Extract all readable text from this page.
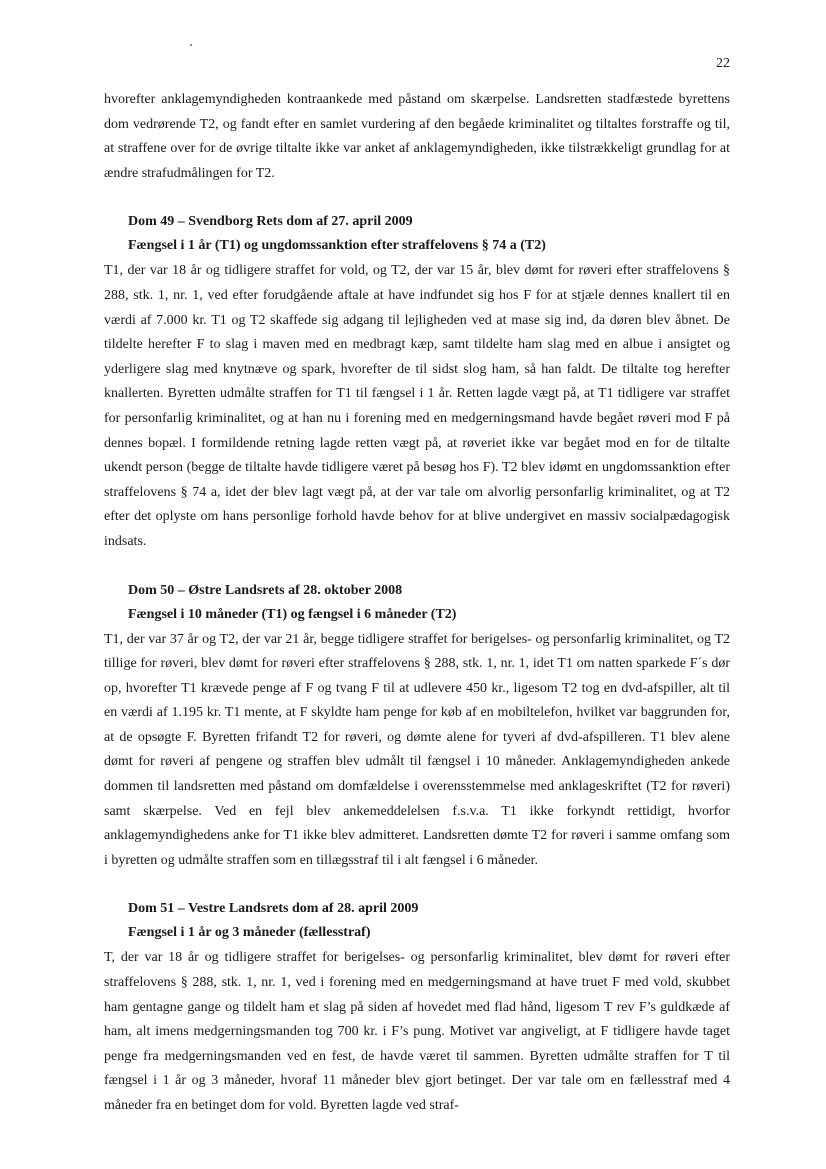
22

hvorefter anklagemyndigheden kontraankede med påstand om skærpelse. Landsretten stadfæstede byrettens dom vedrørende T2, og fandt efter en samlet vurdering af den begåede kriminalitet og tiltaltes forstraffe og til, at straffene over for de øvrige tiltalte ikke var anket af anklagemyndigheden, ikke tilstrækkeligt grundlag for at ændre strafudmålingen for T2.

Dom 49 – Svendborg Rets dom af 27. april 2009

Fængsel i 1 år (T1) og ungdomssanktion efter straffelovens § 74 a (T2)

T1, der var 18 år og tidligere straffet for vold, og T2, der var 15 år, blev dømt for røveri efter straffelovens § 288, stk. 1, nr. 1, ved efter forudgående aftale at have indfundet sig hos F for at stjæle dennes knallert til en værdi af 7.000 kr. T1 og T2 skaffede sig adgang til lejligheden ved at mase sig ind, da døren blev åbnet. De tildelte herefter F to slag i maven med en medbragt kæp, samt tildelte ham slag med en albue i ansigtet og yderligere slag med knytnæve og spark, hvorefter de til sidst slog ham, så han faldt. De tiltalte tog herefter knallerten. Byretten udmålte straffen for T1 til fængsel i 1 år. Retten lagde vægt på, at T1 tidligere var straffet for personfarlig kriminalitet, og at han nu i forening med en medgerningsmand havde begået røveri mod F på dennes bopæl. I formildende retning lagde retten vægt på, at røveriet ikke var begået mod en for de tiltalte ukendt person (begge de tiltalte havde tidligere været på besøg hos F). T2 blev idømt en ungdomssanktion efter straffelovens § 74 a, idet der blev lagt vægt på, at der var tale om alvorlig personfarlig kriminalitet, og at T2 efter det oplyste om hans personlige forhold havde behov for at blive undergivet en massiv socialpædagogisk indsats.

Dom 50 – Østre Landsrets af 28. oktober 2008

Fængsel i 10 måneder (T1) og fængsel i 6 måneder (T2)

T1, der var 37 år og T2, der var 21 år, begge tidligere straffet for berigelses- og personfarlig kriminalitet, og T2 tillige for røveri, blev dømt for røveri efter straffelovens § 288, stk. 1, nr. 1, idet T1 om natten sparkede F´s dør op, hvorefter T1 krævede penge af F og tvang F til at udlevere 450 kr., ligesom T2 tog en dvd-afspiller, alt til en værdi af 1.195 kr. T1 mente, at F skyldte ham penge for køb af en mobiltelefon, hvilket var baggrunden for, at de opsøgte F. Byretten frifandt T2 for røveri, og dømte alene for tyveri af dvd-afspilleren. T1 blev alene dømt for røveri af pengene og straffen blev udmålt til fængsel i 10 måneder. Anklagemyndigheden ankede dommen til landsretten med påstand om domfældelse i overensstemmelse med anklageskriftet (T2 for røveri) samt skærpelse. Ved en fejl blev ankemeddelelsen f.s.v.a. T1 ikke forkyndt rettidigt, hvorfor anklagemyndighedens anke for T1 ikke blev admitteret. Landsretten dømte T2 for røveri i samme omfang som i byretten og udmålte straffen som en tillægsstraf til i alt fængsel i 6 måneder.

Dom 51 – Vestre Landsrets dom af 28. april 2009

Fængsel i 1 år og 3 måneder (fællesstraf)

T, der var 18 år og tidligere straffet for berigelses- og personfarlig kriminalitet, blev dømt for røveri efter straffelovens § 288, stk. 1, nr. 1, ved i forening med en medgerningsmand at have truet F med vold, skubbet ham gentagne gange og tildelt ham et slag på siden af hovedet med flad hånd, ligesom T rev F’s guldkæde af ham, alt imens medgerningsmanden tog 700 kr. i F’s pung. Motivet var angiveligt, at F tidligere havde taget penge fra medgerningsmanden ved en fest, de havde været til sammen. Byretten udmålte straffen for T til fængsel i 1 år og 3 måneder, hvoraf 11 måneder blev gjort betinget. Der var tale om en fællesstraf med 4 måneder fra en betinget dom for vold. Byretten lagde ved straf-
